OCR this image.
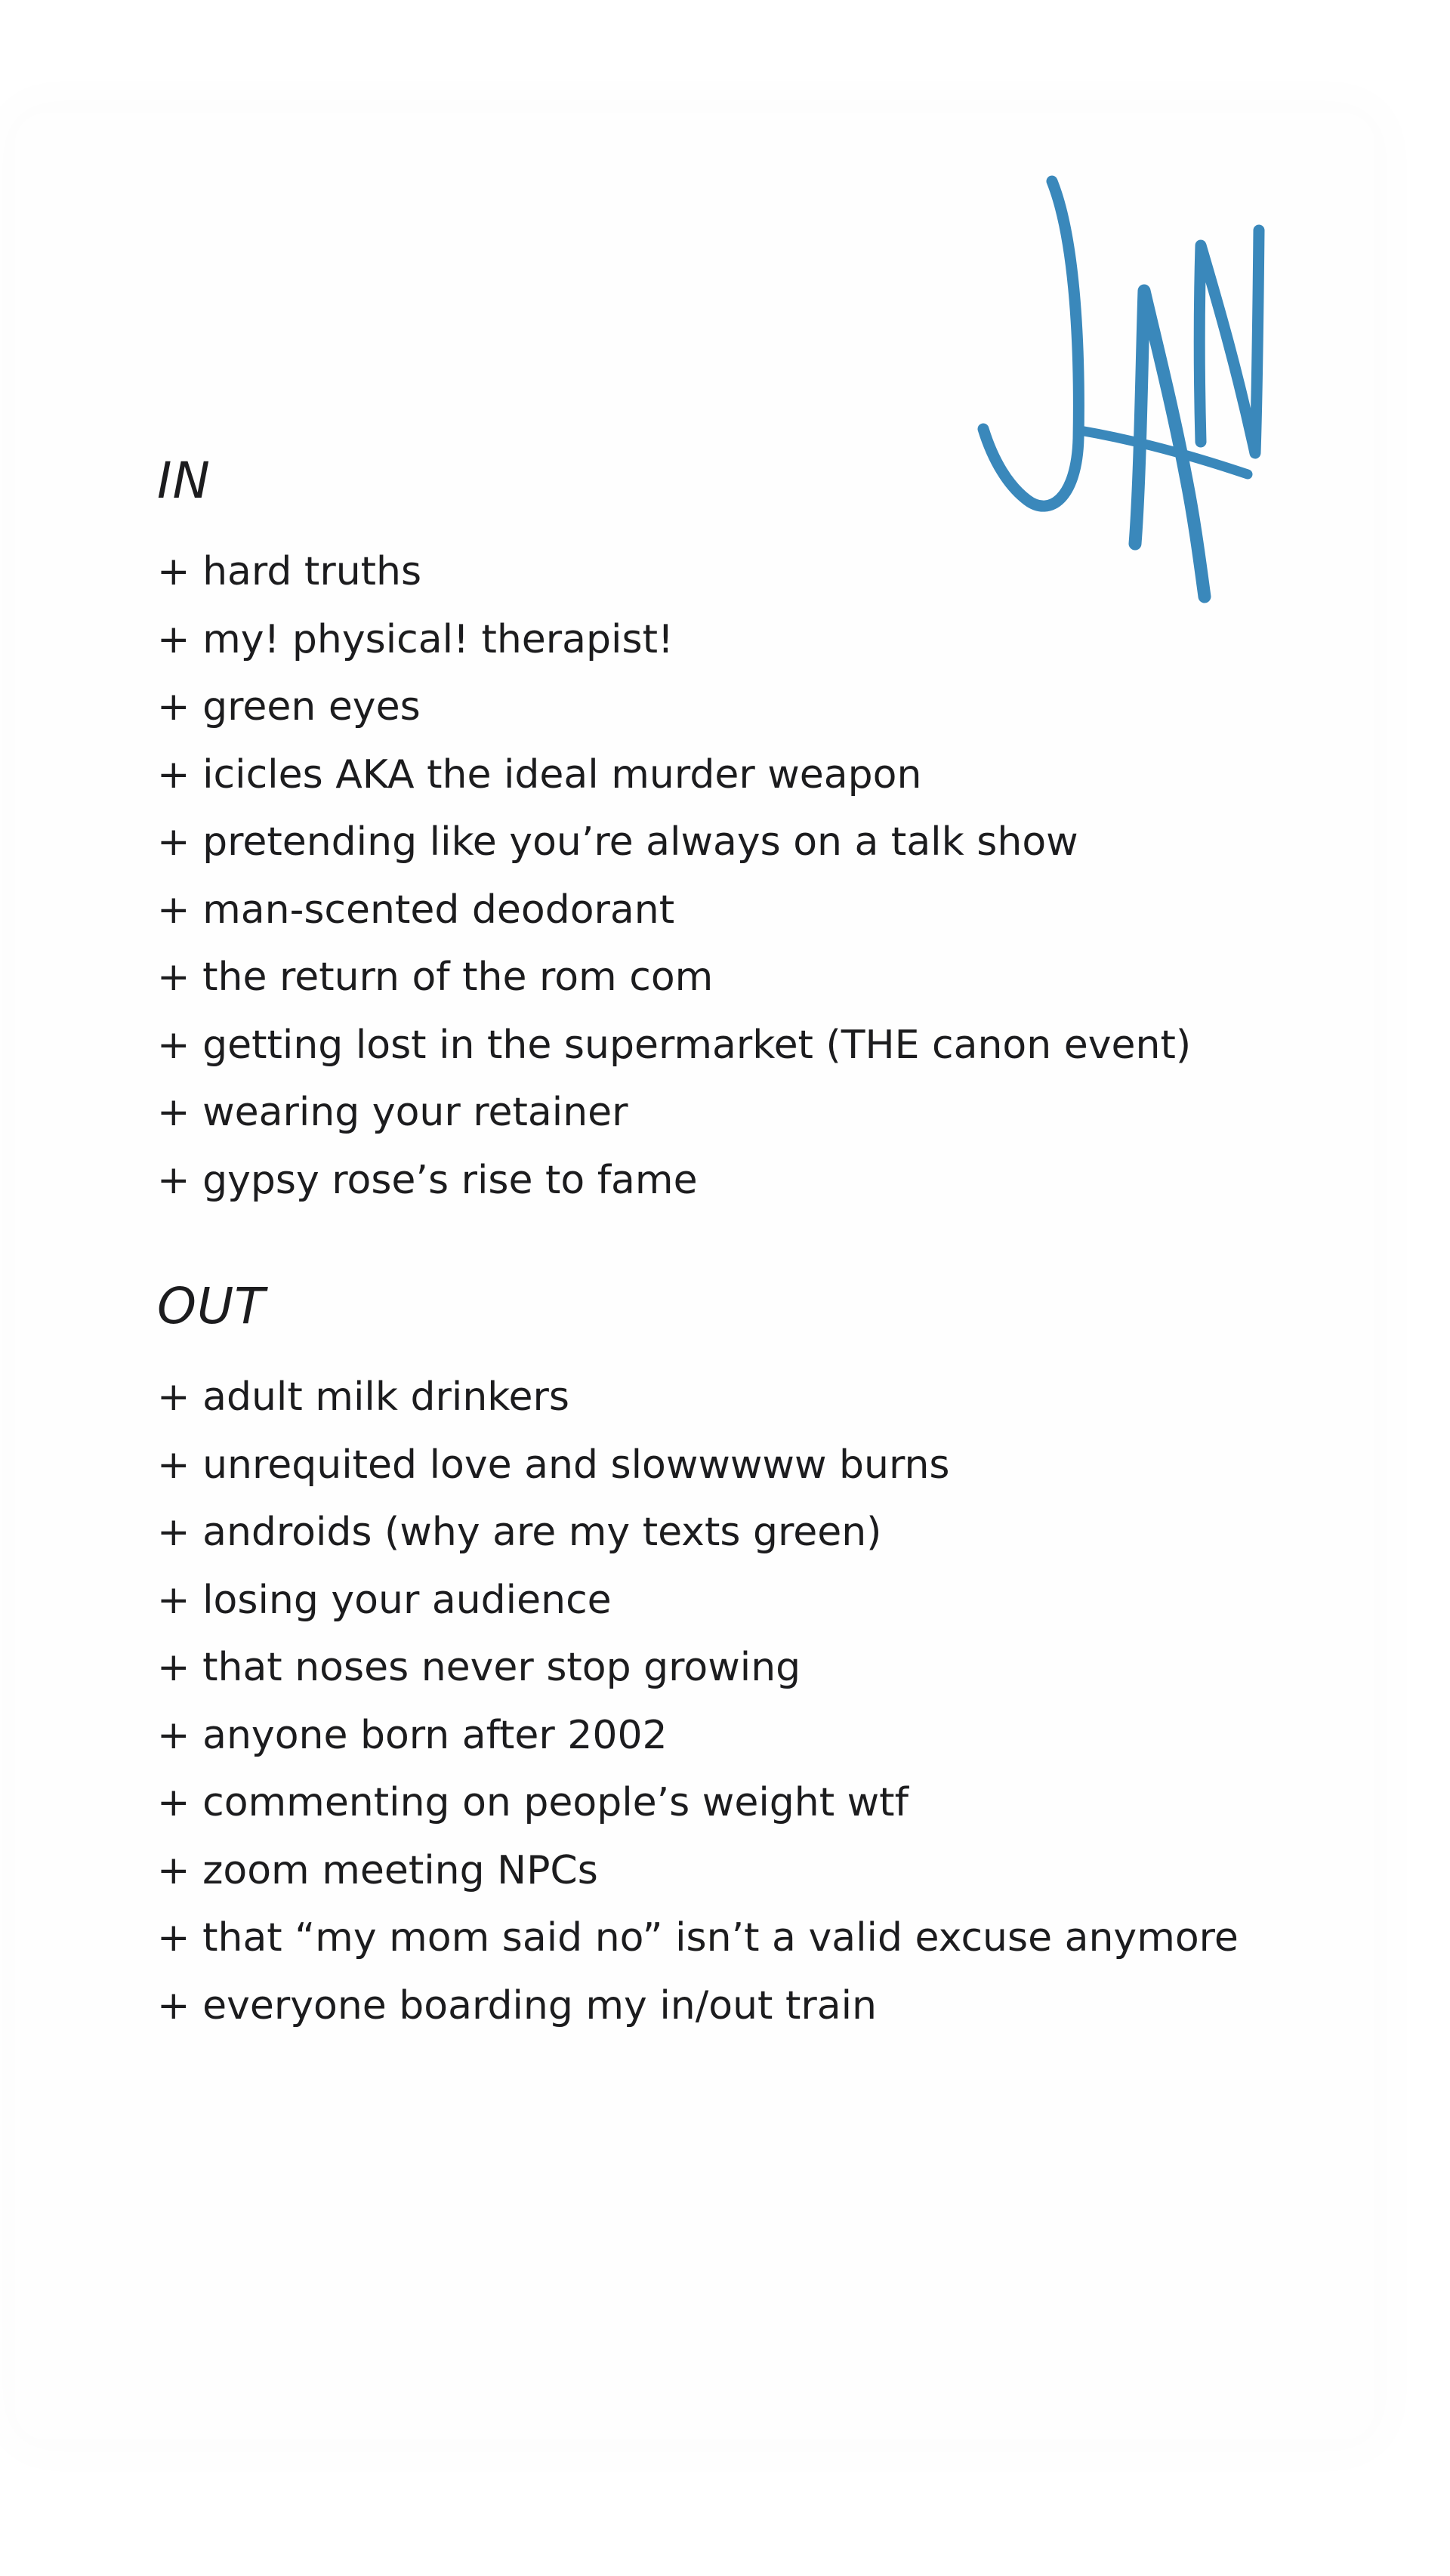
IN
+ hard truths
+ my! physical! therapist!
+ green eyes
+ icicles AKA the ideal murder weapon
+ pretending like you’re always on a talk show
+ man-scented deodorant
+ the return of the rom com
+ getting lost in the supermarket (THE canon event)
+ wearing your retainer
+ gypsy rose’s rise to fame
OUT
+ adult milk drinkers
+ unrequited love and slowwwww burns
+ androids (why are my texts green)
+ losing your audience
+ that noses never stop growing
+ anyone born after 2002
+ commenting on people’s weight wtf
+ zoom meeting NPCs
+ that “my mom said no” isn’t a valid excuse anymore
+ everyone boarding my in/out train
